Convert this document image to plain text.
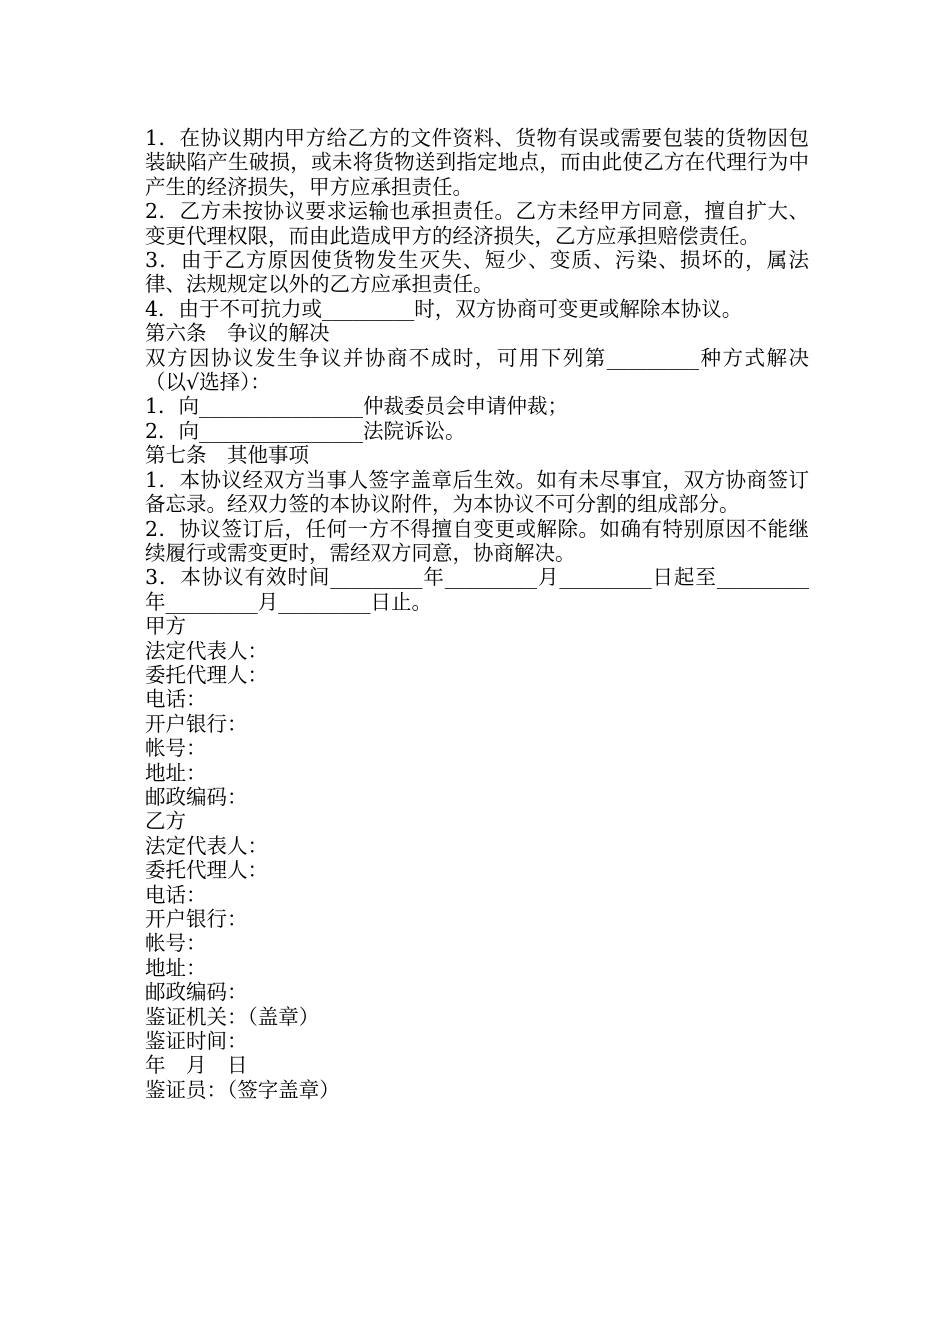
1．在协议期内甲方给乙方的文件资料、货物有误或需要包装的货物因包装缺陷产生破损，或未将货物送到指定地点，而由此使乙方在代理行为中产生的经济损失，甲方应承担责任。

2．乙方未按协议要求运输也承担责任。乙方未经甲方同意，擅自扩大、变更代理权限，而由此造成甲方的经济损失，乙方应承担赔偿责任。

3．由于乙方原因使货物发生灭失、短少、变质、污染、损坏的，属法律、法规规定以外的乙方应承担责任。

4．由于不可抗力或_________时，双方协商可变更或解除本协议。

第六条　争议的解决

双方因协议发生争议并协商不成时，可用下列第_________种方式解决（以√选择）：

1．向________________仲裁委员会申请仲裁；

2．向________________法院诉讼。

第七条　其他事项

1．本协议经双方当事人签字盖章后生效。如有未尽事宜，双方协商签订备忘录。经双力签的本协议附件，为本协议不可分割的组成部分。

2．协议签订后，任何一方不得擅自变更或解除。如确有特别原因不能继续履行或需变更时，需经双方同意，协商解决。

3．本协议有效时间_________年_________月_________日起至_________年_________月_________日止。

甲方

法定代表人：

委托代理人：

电话：

开户银行：

帐号：

地址：

邮政编码：

乙方

法定代表人：

委托代理人：

电话：

开户银行：

帐号：

地址：

邮政编码：

鉴证机关：（盖章）

鉴证时间：

年　月　日

鉴证员：（签字盖章）
